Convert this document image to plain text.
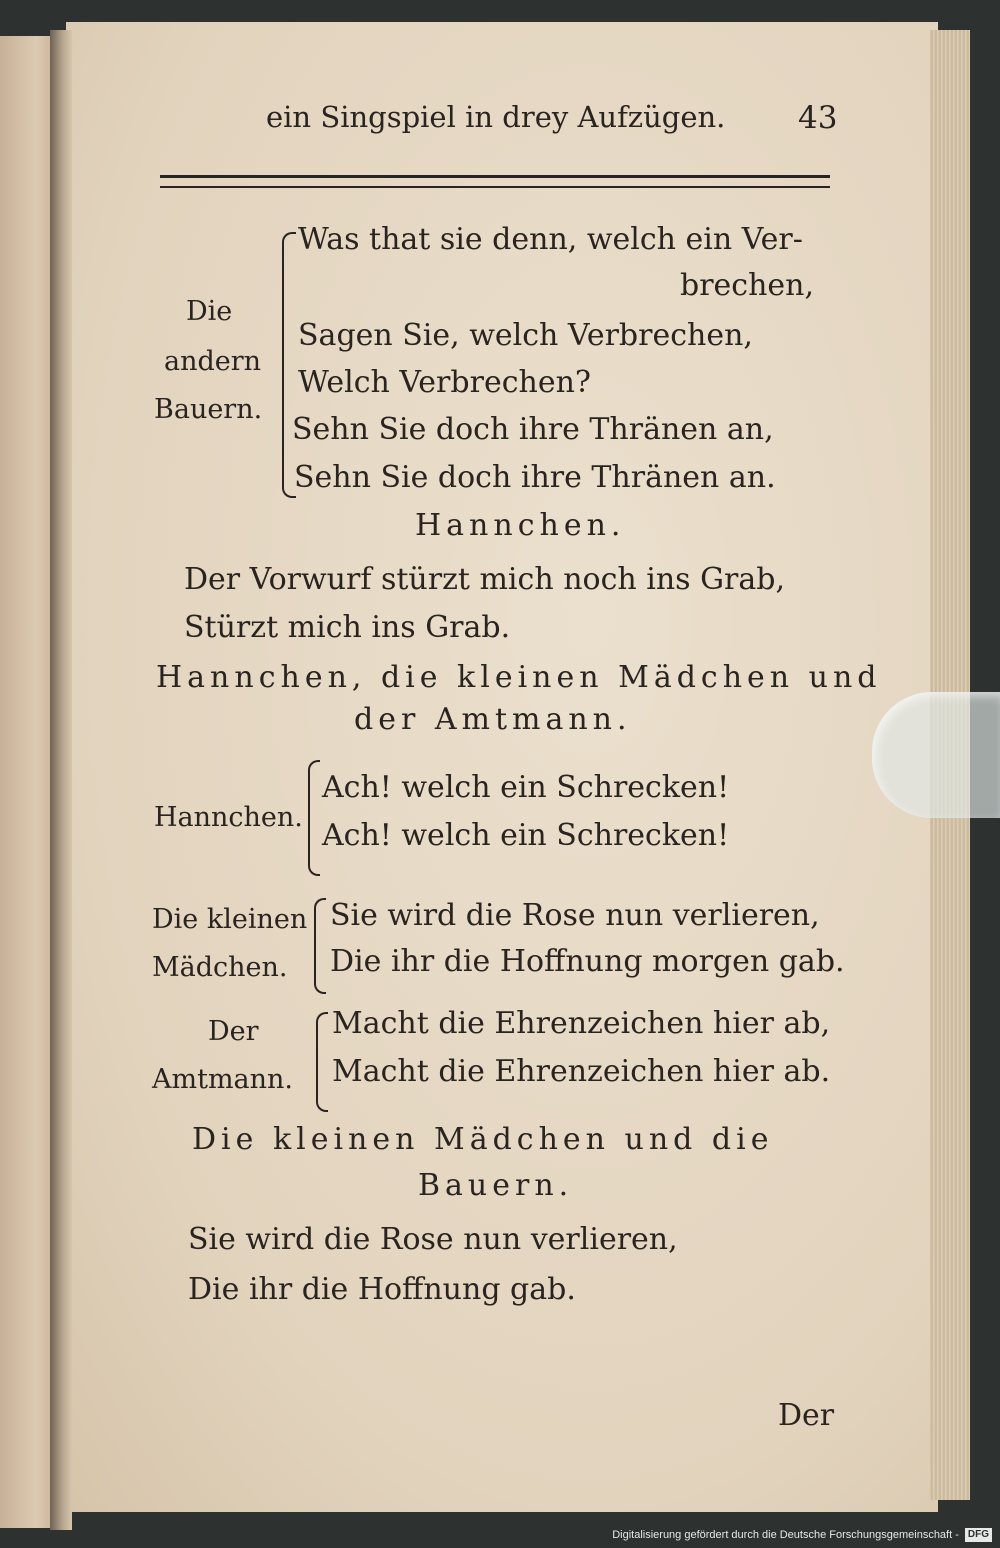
ein Singspiel in drey Aufzügen. 43
Die
andern
Bauern.
Was that sie denn, welch ein Ver-
brechen,
Sagen Sie, welch Verbrechen,
Welch Verbrechen?
Sehn Sie doch ihre Thränen an,
Sehn Sie doch ihre Thränen an.
Hannchen.
Der Vorwurf stürzt mich noch ins Grab,
Stürzt mich ins Grab.
Hannchen, die kleinen Mädchen und
der Amtmann.
Hannchen.
Ach! welch ein Schrecken!
Ach! welch ein Schrecken!
Die kleinen
Mädchen.
Sie wird die Rose nun verlieren,
Die ihr die Hoffnung morgen gab.
Der
Amtmann.
Macht die Ehrenzeichen hier ab,
Macht die Ehrenzeichen hier ab.
Die kleinen Mädchen und die
Bauern.
Sie wird die Rose nun verlieren,
Die ihr die Hoffnung gab.
Der
Digitalisierung gefördert durch die Deutsche Forschungsgemeinschaft - DFG
